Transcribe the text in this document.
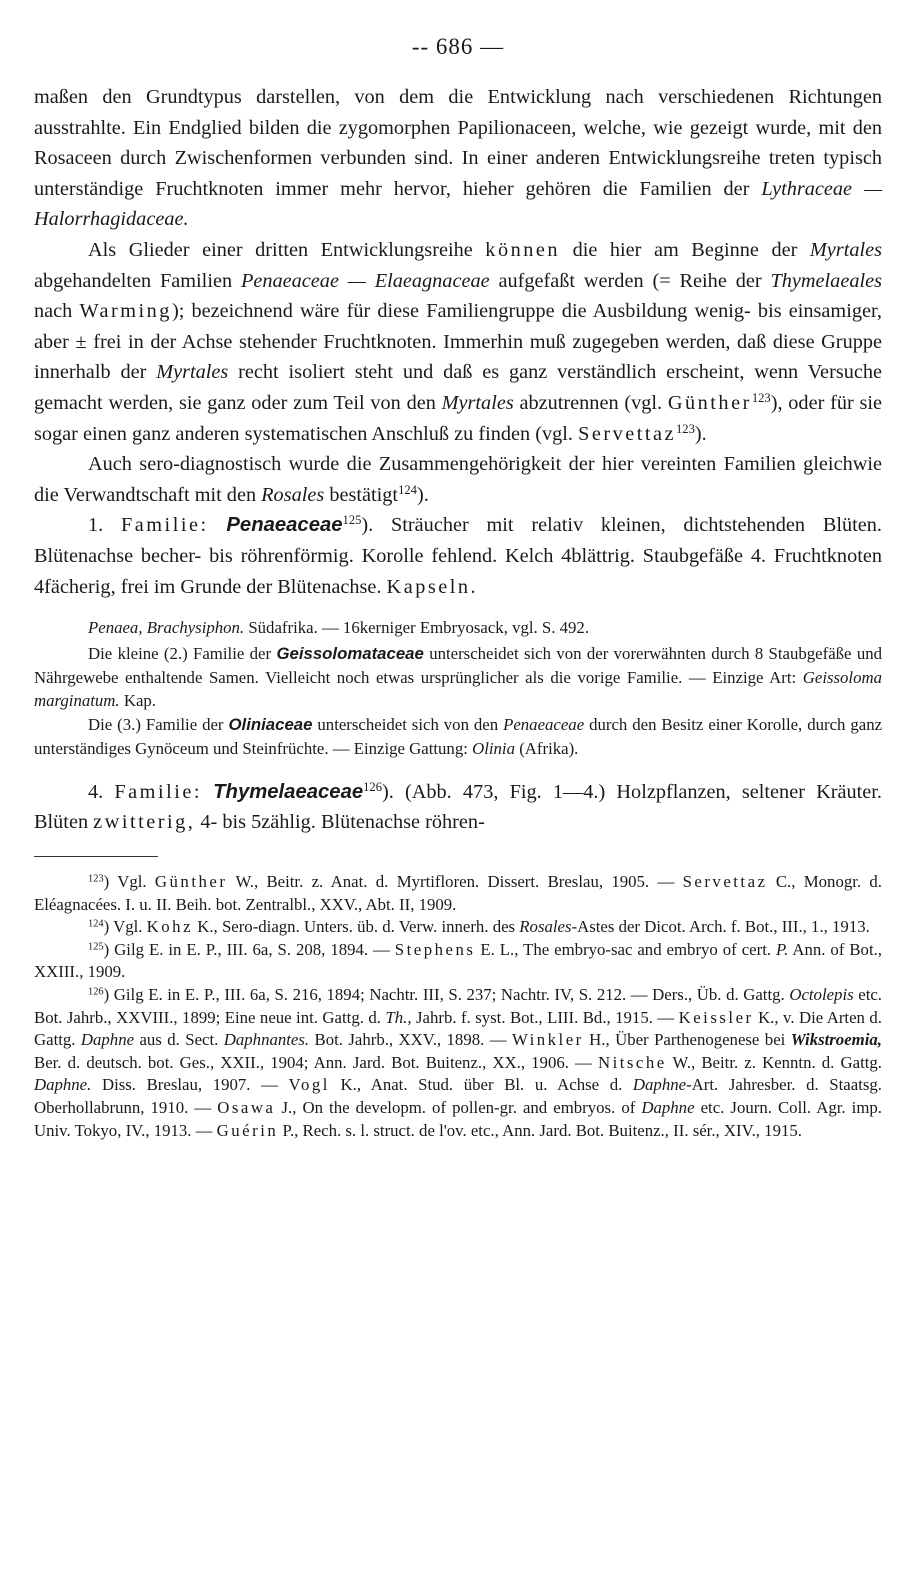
-- 686 —

maßen den Grundtypus darstellen, von dem die Entwicklung nach verschiedenen Richtungen ausstrahlte. Ein Endglied bilden die zygomorphen Papilionaceen, welche, wie gezeigt wurde, mit den Rosaceen durch Zwischenformen verbunden sind. In einer anderen Entwicklungsreihe treten typisch unterständige Fruchtknoten immer mehr hervor, hieher gehören die Familien der Lythraceae — Halorrhagidaceae.

Als Glieder einer dritten Entwicklungsreihe können die hier am Beginne der Myrtales abgehandelten Familien Penaeaceae — Elaeagnaceae aufgefaßt werden (= Reihe der Thymelaeales nach Warming); bezeichnend wäre für diese Familiengruppe die Ausbildung wenig- bis einsamiger, aber ± frei in der Achse stehender Fruchtknoten. Immerhin muß zugegeben werden, daß diese Gruppe innerhalb der Myrtales recht isoliert steht und daß es ganz verständlich erscheint, wenn Versuche gemacht werden, sie ganz oder zum Teil von den Myrtales abzutrennen (vgl. Günther$^{123}$), oder für sie sogar einen ganz anderen systematischen Anschluß zu finden (vgl. Servettaz$^{123}$).

Auch sero-diagnostisch wurde die Zusammengehörigkeit der hier vereinten Familien gleichwie die Verwandtschaft mit den Rosales bestätigt$^{124}$).

1. Familie: Penaeaceae$^{125}$). Sträucher mit relativ kleinen, dichtstehenden Blüten. Blütenachse becher- bis röhrenförmig. Korolle fehlend. Kelch 4blättrig. Staubgefäße 4. Fruchtknoten 4fächerig, frei im Grunde der Blütenachse. Kapseln.

Penaea, Brachysiphon. Südafrika. — 16kerniger Embryosack, vgl. S. 492.

Die kleine (2.) Familie der Geissolomataceae unterscheidet sich von der vorerwähnten durch 8 Staubgefäße und Nährgewebe enthaltende Samen. Vielleicht noch etwas ursprünglicher als die vorige Familie. — Einzige Art: Geissoloma marginatum. Kap.

Die (3.) Familie der Oliniaceae unterscheidet sich von den Penaeaceae durch den Besitz einer Korolle, durch ganz unterständiges Gynöceum und Steinfrüchte. — Einzige Gattung: Olinia (Afrika).

4. Familie: Thymelaeaceae$^{126}$). (Abb. 473, Fig. 1—4.) Holzpflanzen, seltener Kräuter. Blüten zwitterig, 4- bis 5zählig. Blütenachse röhren-

$^{123}$) Vgl. Günther W., Beitr. z. Anat. d. Myrtifloren. Dissert. Breslau, 1905. — Servettaz C., Monogr. d. Eléagnacées. I. u. II. Beih. bot. Zentralbl., XXV., Abt. II, 1909.

$^{124}$) Vgl. Kohz K., Sero-diagn. Unters. üb. d. Verw. innerh. des Rosales-Astes der Dicot. Arch. f. Bot., III., 1., 1913.

$^{125}$) Gilg E. in E. P., III. 6a, S. 208, 1894. — Stephens E. L., The embryo-sac and embryo of cert. P. Ann. of Bot., XXIII., 1909.

$^{126}$) Gilg E. in E. P., III. 6a, S. 216, 1894; Nachtr. III, S. 237; Nachtr. IV, S. 212. — Ders., Üb. d. Gattg. Octolepis etc. Bot. Jahrb., XXVIII., 1899; Eine neue int. Gattg. d. Th., Jahrb. f. syst. Bot., LIII. Bd., 1915. — Keissler K., v. Die Arten d. Gattg. Daphne aus d. Sect. Daphnantes. Bot. Jahrb., XXV., 1898. — Winkler H., Über Parthenogenese bei Wikstroemia, Ber. d. deutsch. bot. Ges., XXII., 1904; Ann. Jard. Bot. Buitenz., XX., 1906. — Nitsche W., Beitr. z. Kenntn. d. Gattg. Daphne. Diss. Breslau, 1907. — Vogl K., Anat. Stud. über Bl. u. Achse d. Daphne-Art. Jahresber. d. Staatsg. Oberhollabrunn, 1910. — Osawa J., On the developm. of pollen-gr. and embryos. of Daphne etc. Journ. Coll. Agr. imp. Univ. Tokyo, IV., 1913. — Guérin P., Rech. s. l. struct. de l'ov. etc., Ann. Jard. Bot. Buitenz., II. sér., XIV., 1915.
